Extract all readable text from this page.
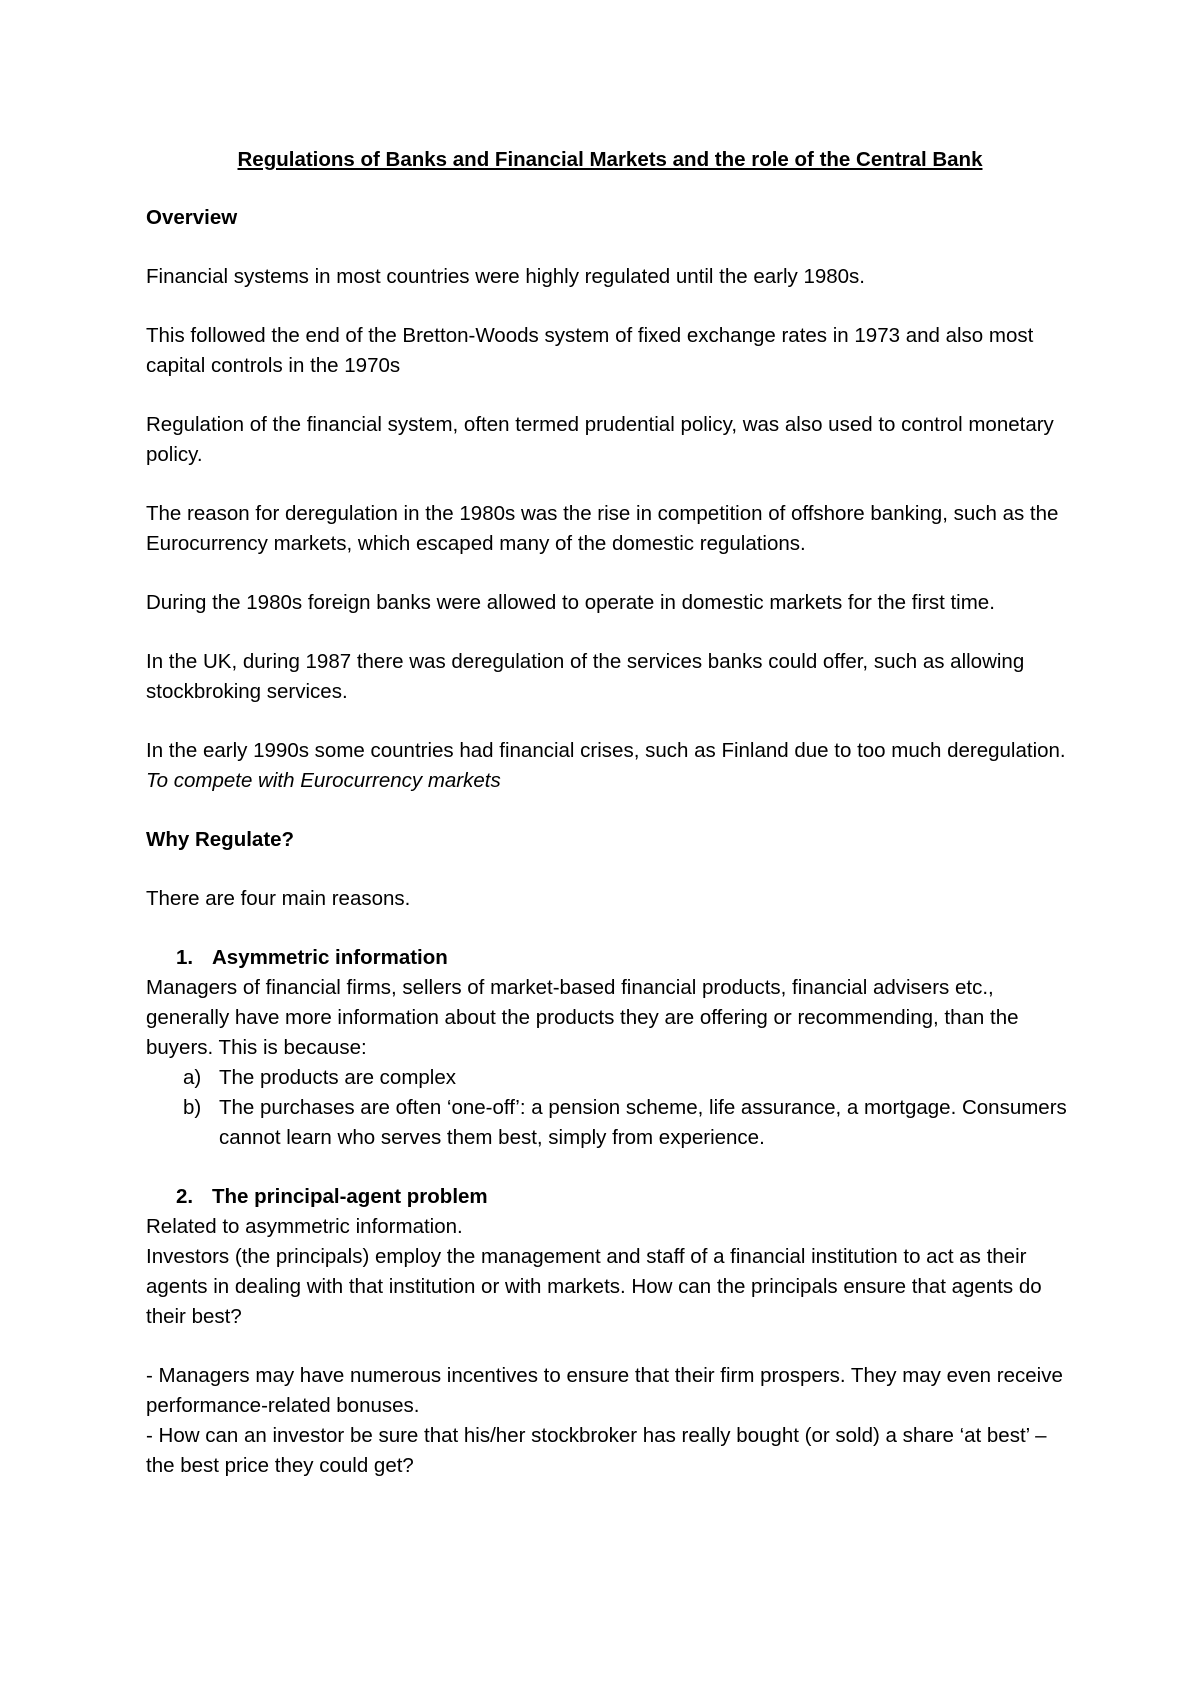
Regulations of Banks and Financial Markets and the role of the Central Bank
Overview

Financial systems in most countries were highly regulated until the early 1980s.

This followed the end of the Bretton-Woods system of fixed exchange rates in 1973 and also most capital controls in the 1970s

Regulation of the financial system, often termed prudential policy, was also used to control monetary policy.

The reason for deregulation in the 1980s was the rise in competition of offshore banking, such as the Eurocurrency markets, which escaped many of the domestic regulations.

During the 1980s foreign banks were allowed to operate in domestic markets for the first time.

In the UK, during 1987 there was deregulation of the services banks could offer, such as allowing stockbroking services.

In the early 1990s some countries had financial crises, such as Finland due to too much deregulation. To compete with Eurocurrency markets

Why Regulate?

There are four main reasons.

1. Asymmetric information

Managers of financial firms, sellers of market-based financial products, financial advisers etc., generally have more information about the products they are offering or recommending, than the buyers. This is because:

a) The products are complex
b) The purchases are often ‘one-off’: a pension scheme, life assurance, a mortgage. Consumers cannot learn who serves them best, simply from experience.
2. The principal-agent problem

Related to asymmetric information.

Investors (the principals) employ the management and staff of a financial institution to act as their agents in dealing with that institution or with markets. How can the principals ensure that agents do their best?

- Managers may have numerous incentives to ensure that their firm prospers. They may even receive performance-related bonuses.

- How can an investor be sure that his/her stockbroker has really bought (or sold) a share ‘at best’ – the best price they could get?
